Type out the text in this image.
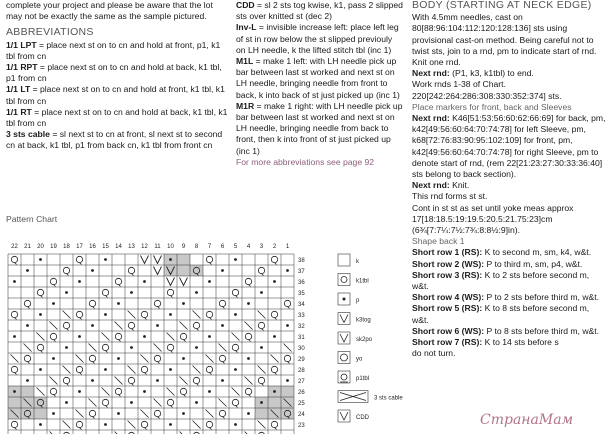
complete your project and please be aware that the lot may not be exactly the same as the sample pictured.

ABBREVIATIONS

1/1 LPT = place next st on to cn and hold at front, p1, k1 tbl from cn

1/1 RPT = place next st on to cn and hold at back, k1 tbl, p1 from cn

1/1 LT = place next st on to cn and hold at front, k1 tbl, k1 tbl from cn

1/1 RT = place next st on to cn and hold at back, k1 tbl, k1 tbl from cn

3 sts cable = sl next st to cn at front, sl next st to second cn at back, k1 tbl, p1 from back cn, k1 tbl from front cn

Pattern Chart
22 21 20 19 18 17 16 15 14 13 12 11 10 9 8 7 6 5 4 3 2 1
38
37
36
35
34
33
32
31
30
29
28
27
26
25
24
23
k
k1tbl
p
k3tog
sk2po
yo
p1tbl
3 sts cable
CDD

CDD = sl 2 sts tog kwise, k1, pass 2 slipped sts over knitted st (dec 2)

Inv-L = invisible increase left: place left leg of st in row below the st slipped previouly on LH needle, k the lifted stitch tbl (inc 1)

M1L = make 1 left: with LH needle pick up bar between last st worked and next st on LH needle, bringing needle from front to back, k into back of st just picked up (inc 1)

M1R = make 1 right: with LH needle pick up bar between last st worked and next st on LH needle, bringing needle from back to front, then k into front of st just picked up (inc 1)

For more abbreviations see page 92

BODY (STARTING AT NECK EDGE)

With 4.5mm needles, cast on 80[88:96:104:112:120:128:136] sts using provisional cast-on method. Being careful not to twist sts, join to a rnd, pm to indicate start of rnd.

Knit one rnd.

Next rnd: (P1, k3, k1tbl) to end.

Work rnds 1-38 of Chart.

220[242:264:286:308:330:352:374] sts.

Place markers for front, back and Sleeves

Next rnd: K46[51:53:56:60:62:66:69] for back, pm, k42[49:56:60:64:70:74:78] for left Sleeve, pm, k68[72:76:83:90:95:102:109] for front, pm, k42[49:56:60:64:70:74:78] for right Sleeve, pm to denote start of rnd, (rem 22[21:23:27:30:33:36:40] sts belong to back section).

Next rnd: Knit.

This rnd forms st st.

Cont in st st as set until yoke meas approx 17[18:18.5:19:19.5:20.5:21.75:23]cm (6¾[7:7¼:7½:7¾:8:8½:9]in).

Shape back 1

Short row 1 (RS): K to second m, sm, k4, w&t.

Short row 2 (WS): P to third m, sm, p4, w&t.

Short row 3 (RS): K to 2 sts before second m, w&t.

Short row 4 (WS): P to 2 sts before third m, w&t.

Short row 5 (RS): K to 8 sts before second m, w&t.

Short row 6 (WS): P to 8 sts before third m, w&t.

Short row 7 (RS): K to 14 sts before s

do not turn.

СтранаМам
